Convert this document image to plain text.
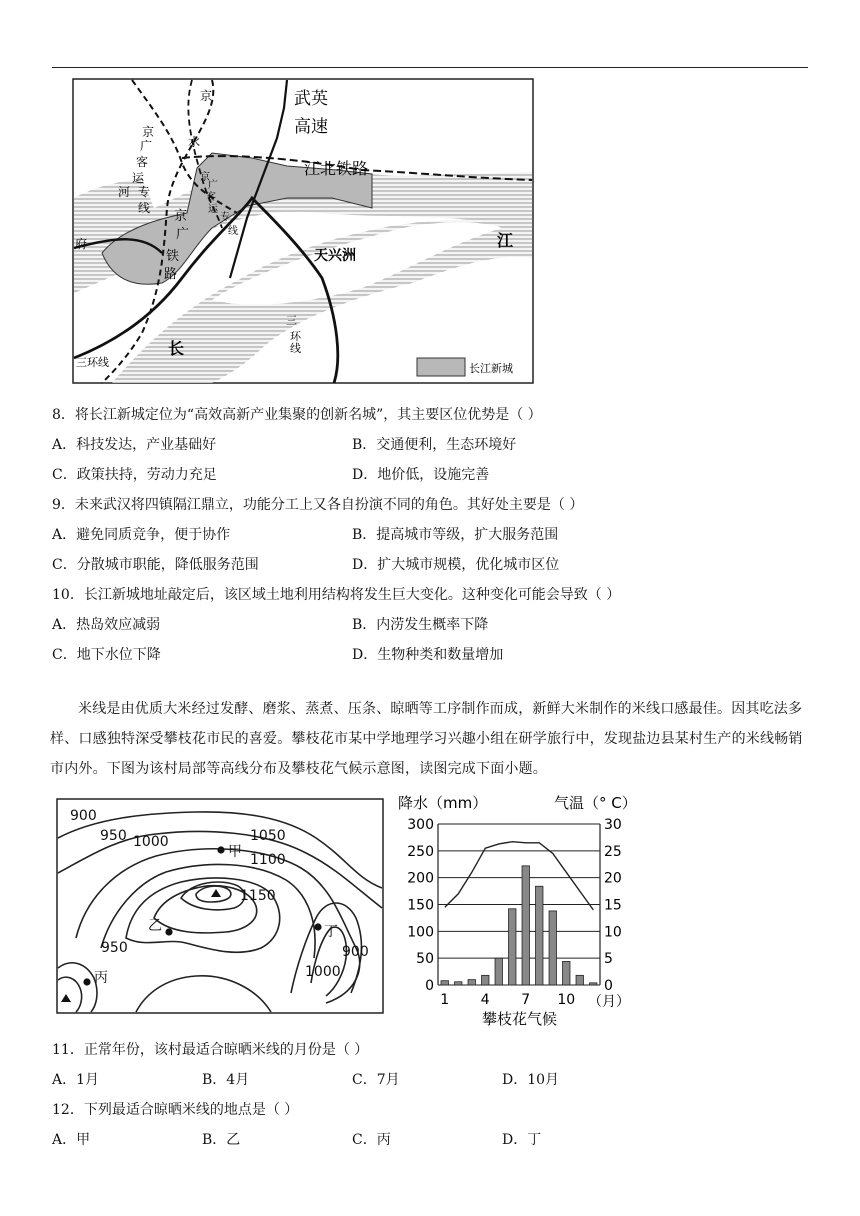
武英
高速
江北铁路
天兴洲
江
长
京
水
府
河
京
广
客
运
专
线
京
广
客
运
专
线
京
广
铁
路
三
环
线
三环线	长江新城
8．将长江新城定位为“高效高新产业集聚的创新名城”，其主要区位优势是（ ）
A．科技发达，产业基础好	B．交通便利，生态环境好
C．政策扶持，劳动力充足	D．地价低，设施完善
9．未来武汉将四镇隔江鼎立，功能分工上又各自扮演不同的角色。其好处主要是（ ）
A．避免同质竞争，便于协作	B．提高城市等级，扩大服务范围
C．分散城市职能，降低服务范围	D．扩大城市规模，优化城市区位
10．长江新城地址敲定后，该区域土地利用结构将发生巨大变化。这种变化可能会导致（ ）
A．热岛效应减弱	B．内涝发生概率下降
C．地下水位下降	D．生物种类和数量增加
米线是由优质大米经过发酵、磨浆、蒸煮、压条、晾晒等工序制作而成，新鲜大米制作的米线口感最佳。因其吃法多样、口感独特深受攀枝花市民的喜爱。攀枝花市某中学地理学习兴趣小组在研学旅行中，发现盐边县某村生产的米线畅销市内外。下图为该村局部等高线分布及攀枝花气候示意图，读图完成下面小题。
900
950 1000	1050
1100
1150
950	900
1000
甲
乙
丙
丁
降水（mm）	气温（° C）
300
250
200
150
100
50
0
30
25
20
15
10
5
0
1 4 7 10 （月）
攀枝花气候
11．正常年份，该村最适合晾晒米线的月份是（ ）
A．1月	B．4月	C．7月	D．10月
12．下列最适合晾晒米线的地点是（ ）
A．甲	B．乙	C．丙	D．丁
